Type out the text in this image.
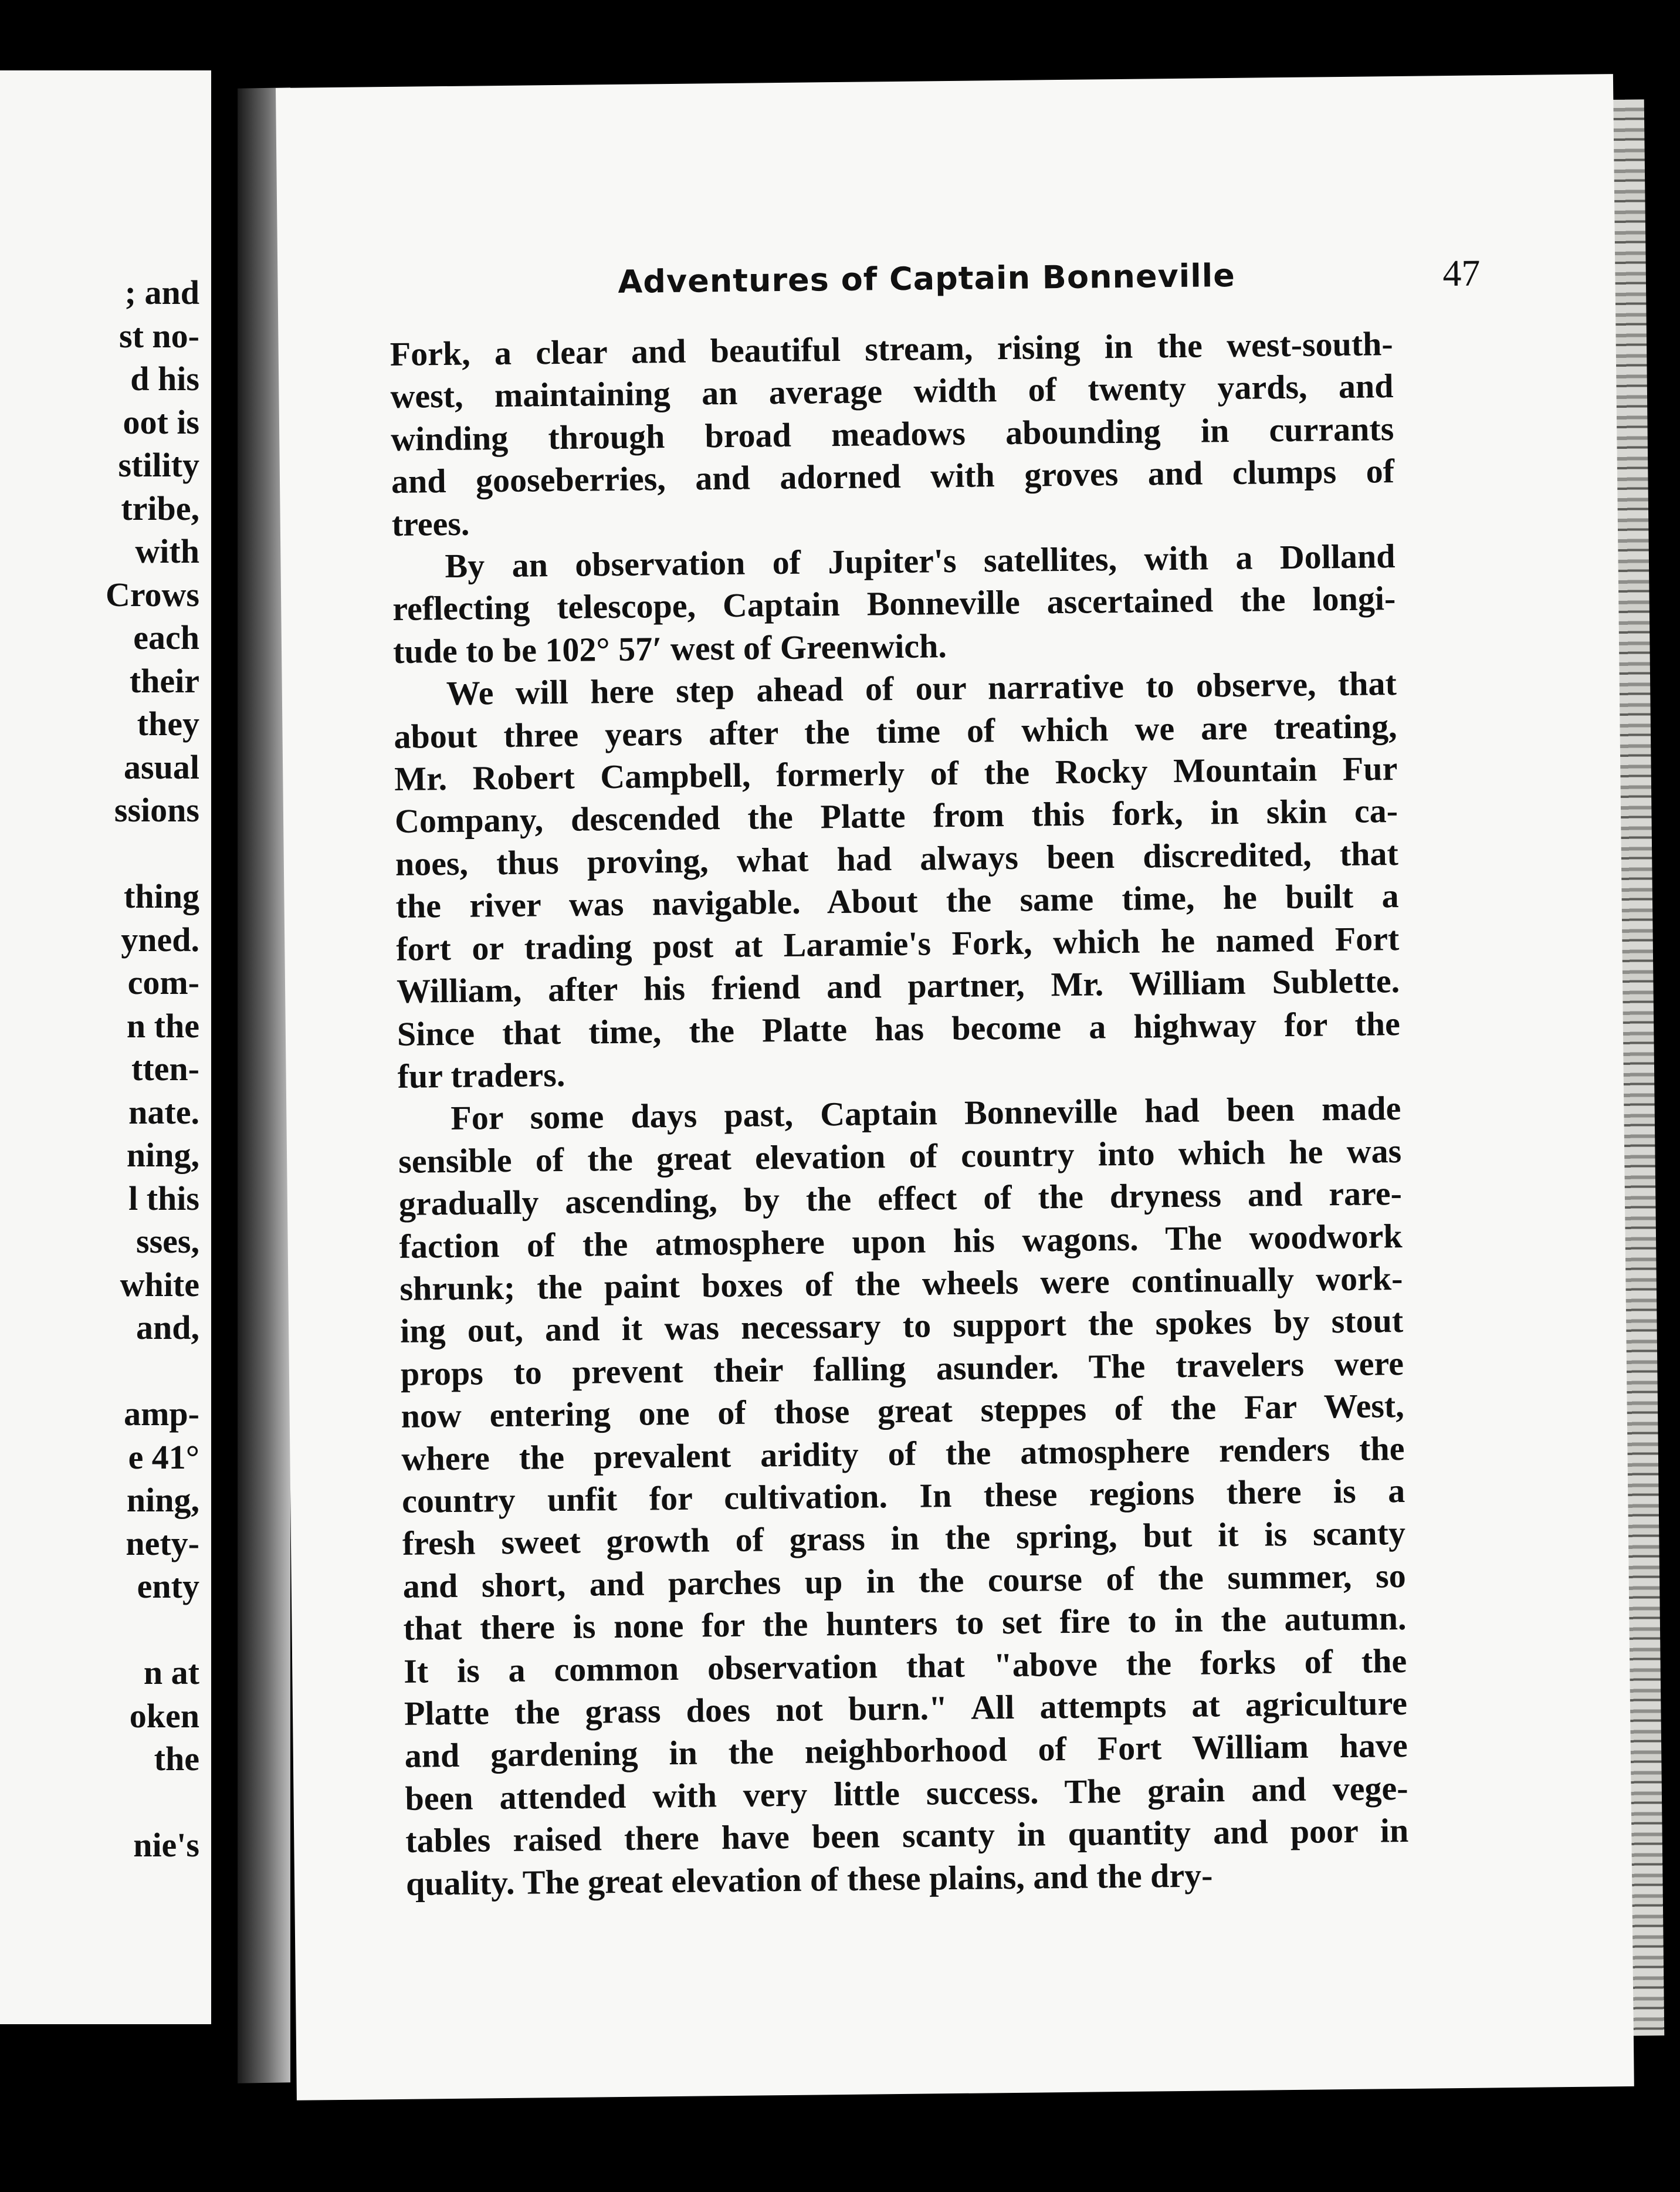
; and
st no-
d his
oot is
stility
tribe,
with
Crows
each
their
they
asual
ssions
thing
yned.
com-
n the
tten-
nate.
ning,
l this
sses,
white
and,
amp-
e 41°
ning,
nety-
enty
n at
oken
the
nie's
Adventures of Captain Bonneville	47
Fork, a clear and beautiful stream, rising in the west-south-
west, maintaining an average width of twenty yards, and
winding through broad meadows abounding in currants
and gooseberries, and adorned with groves and clumps of
trees.
By an observation of Jupiter's satellites, with a Dolland
reflecting telescope, Captain Bonneville ascertained the longi-
tude to be 102° 57′ west of Greenwich.
We will here step ahead of our narrative to observe, that
about three years after the time of which we are treating,
Mr. Robert Campbell, formerly of the Rocky Mountain Fur
Company, descended the Platte from this fork, in skin ca-
noes, thus proving, what had always been discredited, that
the river was navigable. About the same time, he built a
fort or trading post at Laramie's Fork, which he named Fort
William, after his friend and partner, Mr. William Sublette.
Since that time, the Platte has become a highway for the
fur traders.
For some days past, Captain Bonneville had been made
sensible of the great elevation of country into which he was
gradually ascending, by the effect of the dryness and rare-
faction of the atmosphere upon his wagons. The woodwork
shrunk; the paint boxes of the wheels were continually work-
ing out, and it was necessary to support the spokes by stout
props to prevent their falling asunder. The travelers were
now entering one of those great steppes of the Far West,
where the prevalent aridity of the atmosphere renders the
country unfit for cultivation. In these regions there is a
fresh sweet growth of grass in the spring, but it is scanty
and short, and parches up in the course of the summer, so
that there is none for the hunters to set fire to in the autumn.
It is a common observation that "above the forks of the
Platte the grass does not burn." All attempts at agriculture
and gardening in the neighborhood of Fort William have
been attended with very little success. The grain and vege-
tables raised there have been scanty in quantity and poor in
quality. The great elevation of these plains, and the dry-
